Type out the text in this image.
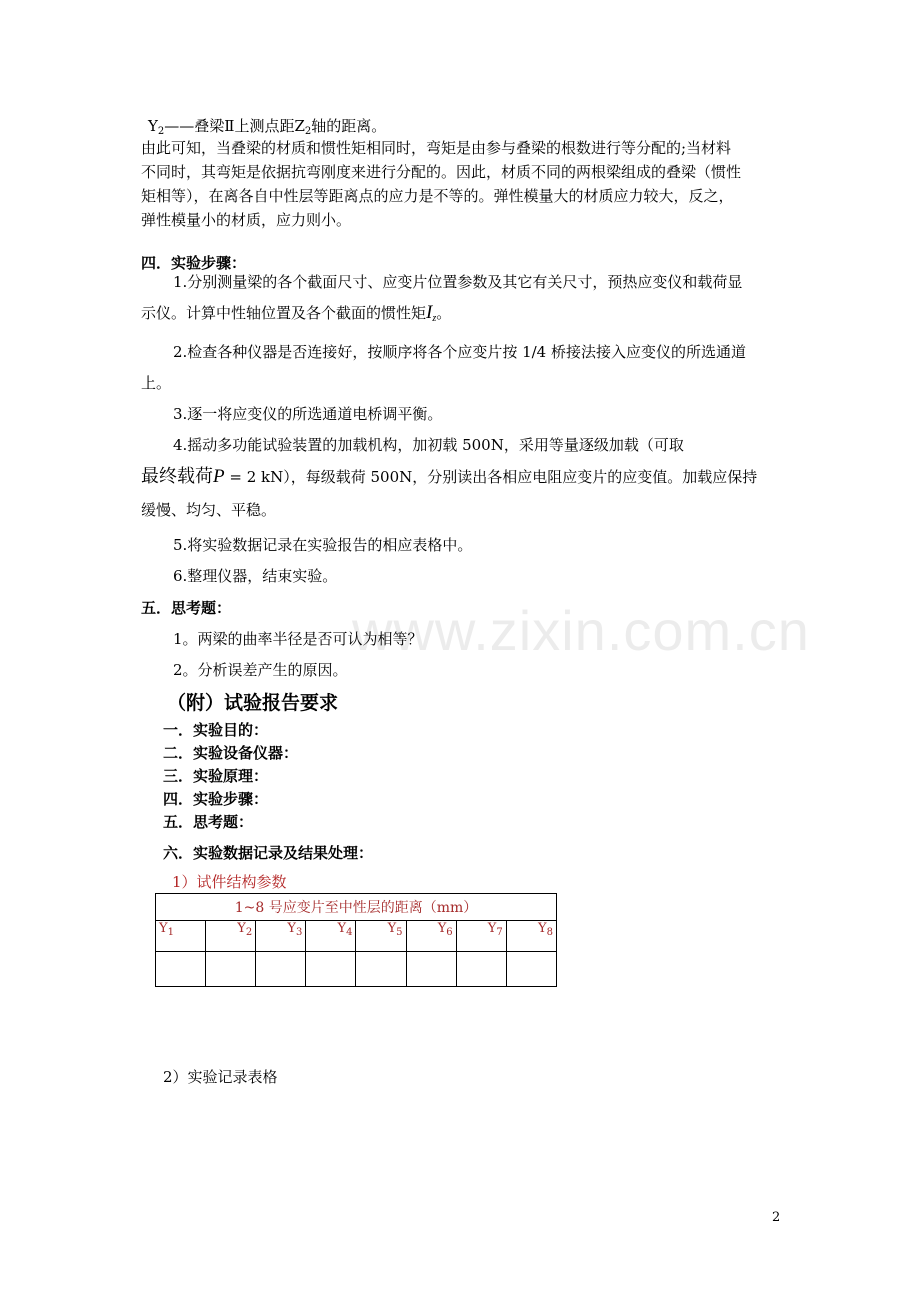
www.zixin.com.cn
$Y_2——$叠梁Ⅱ上测点距$Z_2$轴的距离。
由此可知，当叠梁的材质和惯性矩相同时，弯矩是由参与叠梁的根数进行等分配的;当材料
不同时，其弯矩是依据抗弯刚度来进行分配的。因此，材质不同的两根梁组成的叠梁（惯性
矩相等），在离各自中性层等距离点的应力是不等的。弹性模量大的材质应力较大，反之，
弹性模量小的材质，应力则小。
四．实验步骤：
1.分别测量梁的各个截面尺寸、应变片位置参数及其它有关尺寸，预热应变仪和载荷显
示仪。计算中性轴位置及各个截面的惯性矩$I_z$。
2.检查各种仪器是否连接好，按顺序将各个应变片按 1/4 桥接法接入应变仪的所选通道
上。
3.逐一将应变仪的所选通道电桥调平衡。
4.摇动多功能试验装置的加载机构，加初载 500N，采用等量逐级加载（可取
最终载荷P = 2 kN），每级载荷 500N，分别读出各相应电阻应变片的应变值。加载应保持
缓慢、均匀、平稳。
5.将实验数据记录在实验报告的相应表格中。
6.整理仪器，结束实验。
五．思考题：
1。两梁的曲率半径是否可认为相等？
2。分析误差产生的原因。
（附）试验报告要求
一．实验目的：
二．实验设备仪器：
三．实验原理：
四．实验步骤：
五．思考题：
六．实验数据记录及结果处理：
1）试件结构参数
1~8 号应变片至中性层的距离（mm）							
$Y_1$	$Y_2$	$Y_3$	$Y_4$	$Y_5$	$Y_6$	$Y_7$	$Y_8$

2）实验记录表格
2
